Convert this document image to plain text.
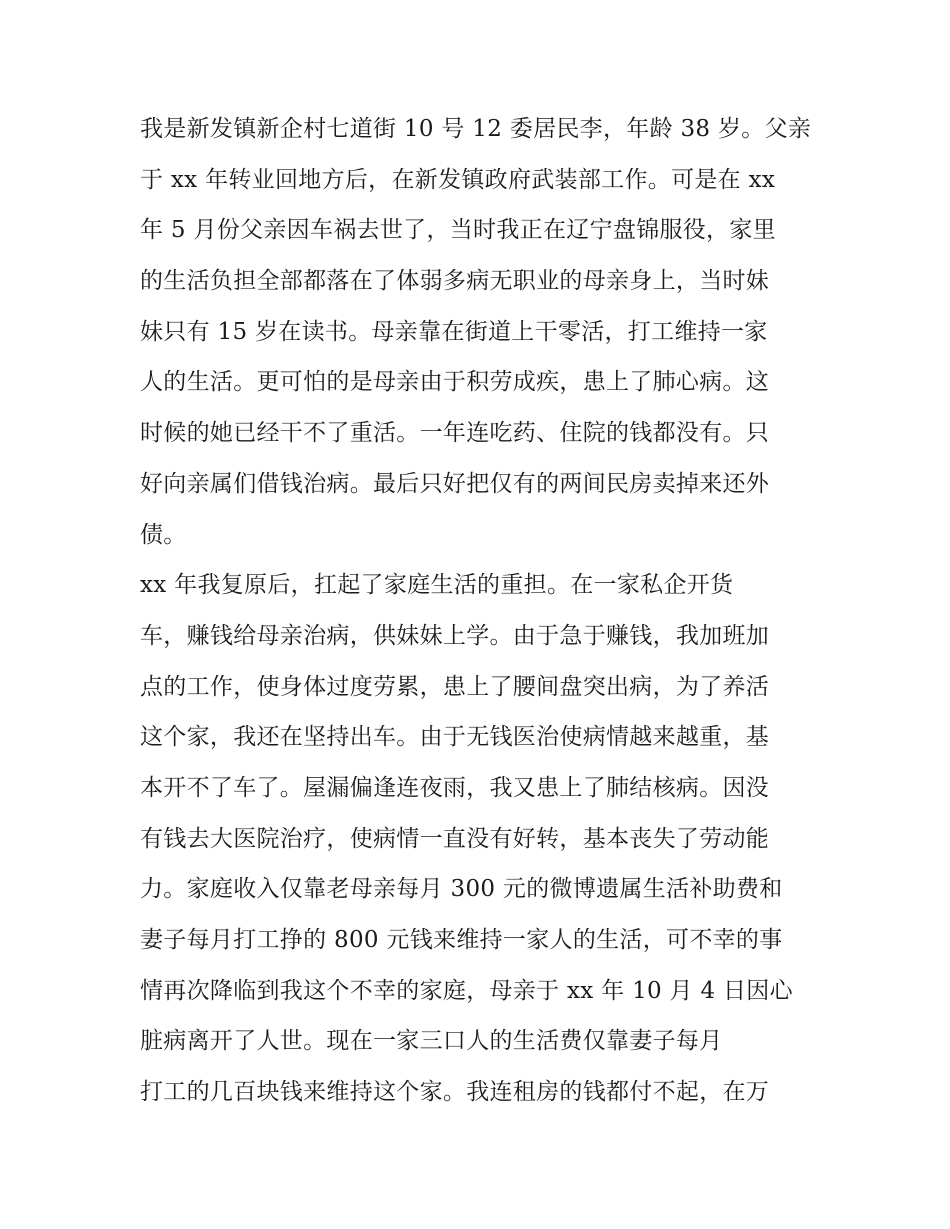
我是新发镇新企村七道街 10 号 12 委居民李，年龄 38 岁。父亲
于 xx 年转业回地方后，在新发镇政府武装部工作。可是在 xx
年 5 月份父亲因车祸去世了，当时我正在辽宁盘锦服役，家里
的生活负担全部都落在了体弱多病无职业的母亲身上，当时妹
妹只有 15 岁在读书。母亲靠在街道上干零活，打工维持一家
人的生活。更可怕的是母亲由于积劳成疾，患上了肺心病。这
时候的她已经干不了重活。一年连吃药、住院的钱都没有。只
好向亲属们借钱治病。最后只好把仅有的两间民房卖掉来还外
债。
xx 年我复原后，扛起了家庭生活的重担。在一家私企开货
车，赚钱给母亲治病，供妹妹上学。由于急于赚钱，我加班加
点的工作，使身体过度劳累，患上了腰间盘突出病，为了养活
这个家，我还在坚持出车。由于无钱医治使病情越来越重，基
本开不了车了。屋漏偏逢连夜雨，我又患上了肺结核病。因没
有钱去大医院治疗，使病情一直没有好转，基本丧失了劳动能
力。家庭收入仅靠老母亲每月 300 元的微博遗属生活补助费和
妻子每月打工挣的 800 元钱来维持一家人的生活，可不幸的事
情再次降临到我这个不幸的家庭，母亲于 xx 年 10 月 4 日因心
脏病离开了人世。现在一家三口人的生活费仅靠妻子每月
打工的几百块钱来维持这个家。我连租房的钱都付不起，在万
